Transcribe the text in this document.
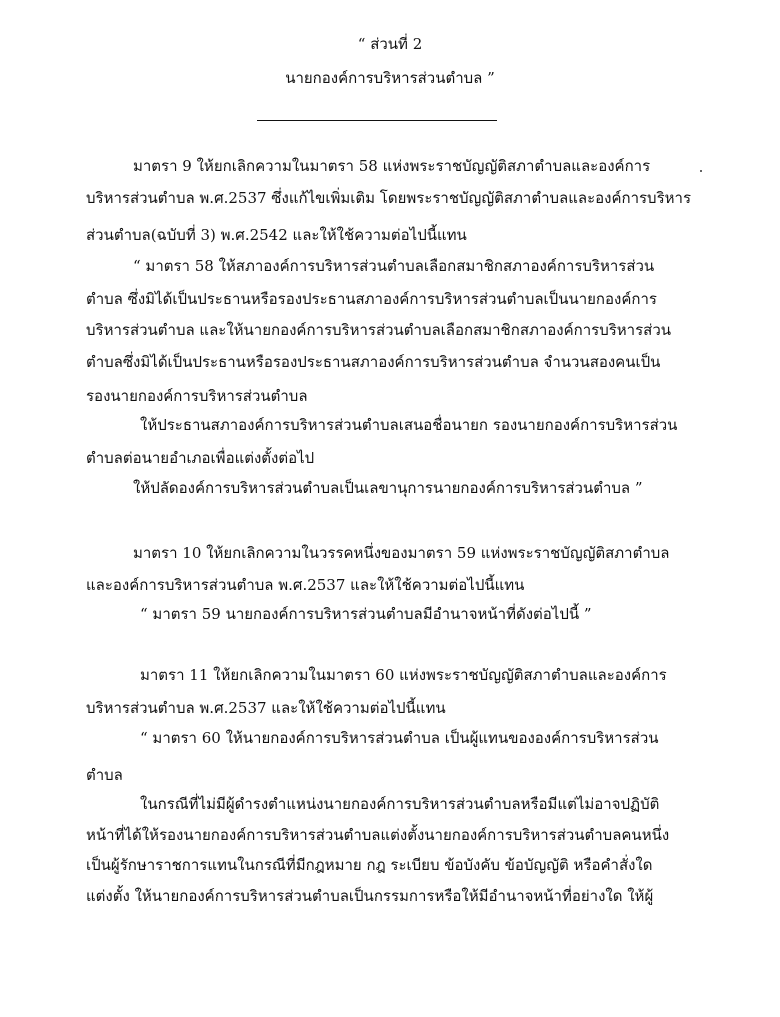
“ ส่วนที่ 2
นายกองค์การบริหารส่วนตำบล ”
มาตรา 9 ให้ยกเลิกความในมาตรา 58 แห่งพระราชบัญญัติสภาตำบลและองค์การ
บริหารส่วนตำบล พ.ศ.2537 ซึ่งแก้ไขเพิ่มเติม โดยพระราชบัญญัติสภาตำบลและองค์การบริหาร
ส่วนตำบล(ฉบับที่ 3) พ.ศ.2542 และให้ใช้ความต่อไปนี้แทน
“ มาตรา 58 ให้สภาองค์การบริหารส่วนตำบลเลือกสมาชิกสภาองค์การบริหารส่วน
ตำบล ซึ่งมิได้เป็นประธานหรือรองประธานสภาองค์การบริหารส่วนตำบลเป็นนายกองค์การ
บริหารส่วนตำบล และให้นายกองค์การบริหารส่วนตำบลเลือกสมาชิกสภาองค์การบริหารส่วน
ตำบลซึ่งมิได้เป็นประธานหรือรองประธานสภาองค์การบริหารส่วนตำบล จำนวนสองคนเป็น
รองนายกองค์การบริหารส่วนตำบล
ให้ประธานสภาองค์การบริหารส่วนตำบลเสนอชื่อนายก รองนายกองค์การบริหารส่วน
ตำบลต่อนายอำเภอเพื่อแต่งตั้งต่อไป
ให้ปลัดองค์การบริหารส่วนตำบลเป็นเลขานุการนายกองค์การบริหารส่วนตำบล ”
มาตรา 10 ให้ยกเลิกความในวรรคหนึ่งของมาตรา 59 แห่งพระราชบัญญัติสภาตำบล
และองค์การบริหารส่วนตำบล พ.ศ.2537 และให้ใช้ความต่อไปนี้แทน
“ มาตรา 59 นายกองค์การบริหารส่วนตำบลมีอำนาจหน้าที่ดังต่อไปนี้ ”
มาตรา 11 ให้ยกเลิกความในมาตรา 60 แห่งพระราชบัญญัติสภาตำบลและองค์การ
บริหารส่วนตำบล พ.ศ.2537 และให้ใช้ความต่อไปนี้แทน
“ มาตรา 60 ให้นายกองค์การบริหารส่วนตำบล เป็นผู้แทนขององค์การบริหารส่วน
ตำบล
ในกรณีที่ไม่มีผู้ดำรงตำแหน่งนายกองค์การบริหารส่วนตำบลหรือมีแต่ไม่อาจปฏิบัติ
หน้าที่ได้ให้รองนายกองค์การบริหารส่วนตำบลแต่งตั้งนายกองค์การบริหารส่วนตำบลคนหนึ่ง
เป็นผู้รักษาราชการแทนในกรณีที่มีกฎหมาย กฎ ระเบียบ ข้อบังคับ ข้อบัญญัติ หรือคำสั่งใด
แต่งตั้ง ให้นายกองค์การบริหารส่วนตำบลเป็นกรรมการหรือให้มีอำนาจหน้าที่อย่างใด ให้ผู้
